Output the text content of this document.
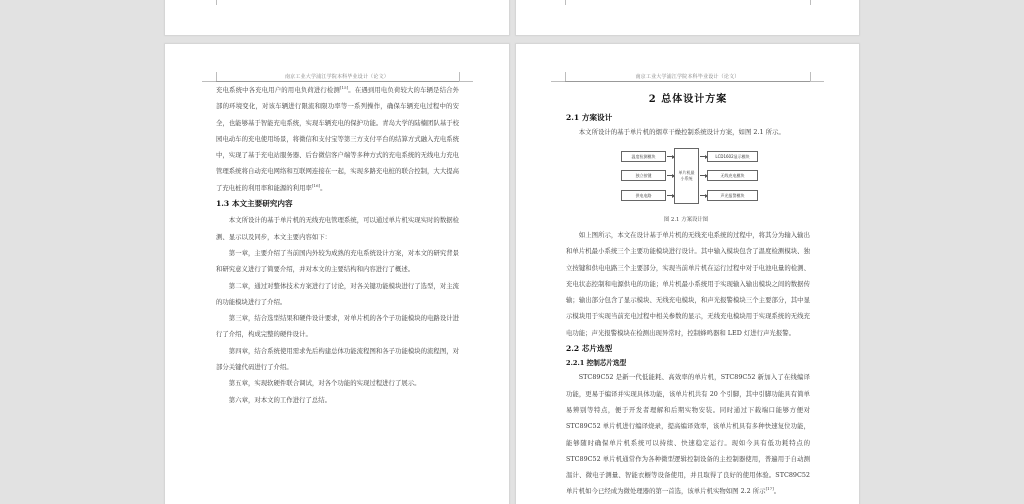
南京工业大学浦江学院本科毕业设计（论文）

充电系统中各充电用户的用电负荷进行检测[15]。在遇到用电负荷较大的车辆是结合外部的环境变化，对该车辆进行限流和限功率等一系列操作，确保车辆充电过程中的安全，也能够基于智能充电系统，实现车辆充电的保护功能。青岛大学的陆楠团队基于校园电动车的充电使用场景，将微信和支付宝等第三方支付平台的结算方式融入充电系统中，实现了基于充电站服务器、后台微信客户端等多种方式的充电系统的无线电力充电管理系统将自动充电网络和互联网连接在一起，实现多路充电桩的联合控制，大大提高了充电桩的利用率和能源的利用率[16]。

1.3 本文主要研究内容

本文所设计的基于单片机的无线充电管理系统，可以通过单片机实现实时的数据检测、显示以及同步，本文主要内容如下：

第一章，主要介绍了当前国内外较为成熟的充电系统设计方案，对本文的研究背景和研究意义进行了简要介绍，并对本文的主要结构和内容进行了概述。

第二章，通过对整体技术方案进行了讨论，对各关键功能模块进行了选型，对主流的功能模块进行了介绍。

第三章，结合选型结果和硬件设计要求，对单片机的各个子功能模块的电路设计进行了介绍，构成完整的硬件设计。

第四章，结合系统使用需求先后构建总体功能流程图和各子功能模块的流程图，对部分关键代码进行了介绍。

第五章，实现软硬件联合调试，对各个功能的实现过程进行了展示。

第六章，对本文的工作进行了总结。

南京工业大学浦江学院本科毕业设计（论文）

2 总体设计方案

2.1 方案设计

本文所设计的基于单片机的烟草干燥控制系统设计方案，如图 2.1 所示。

温度检测模块
独立按键
供电电路
单片机最小系统
LCD1602显示模块
无线充电模块
声光报警模块
图 2.1 方案设计图

如上图所示，本文在设计基于单片机的无线充电系统的过程中，将其分为输入输出和单片机最小系统三个主要功能模块进行设计。其中输入模块包含了温度检测模块、独立按键和供电电路三个主要部分，实现当前单片机在运行过程中对于电池电量的检测、充电状态控制和电源供电的功能；单片机最小系统用于实现输入输出模块之间的数据传输；输出部分包含了显示模块、无线充电模块，和声光报警模块三个主要部分，其中显示模块用于实现当前充电过程中相关参数的显示，无线充电模块用于实现系统的无线充电功能；声光报警模块在检测出现异常时，控制蜂鸣器和 LED 灯进行声光报警。

2.2 芯片选型

2.2.1 控制芯片选型

STC89C52 是新一代低能耗、高效率的单片机，STC89C52 新加入了在线编译功能，更易于编译并实现具体功能，该单片机共有 20 个引脚，其中引脚功能具有简单易辨别等特点，便于开发者理解和后期实物安装。同时通过下载端口能够方便对 STC89C52 单片机进行编译烧录，提高编译效率，该单片机具有多种快速复位功能，能够随时确保单片机系统可以持续、快速稳定运行。现如今具有低功耗特点的 STC89C52 单片机通常作为各种微型逻辑控制设备的主控制器使用，普遍用于自动测温计、微电子测量、智能衣橱等设备使用，并且取得了良好的使用体验。STC89C52 单片机如今已经成为微处理器的第一首选，该单片机实物如图 2.2 所示[17]。
